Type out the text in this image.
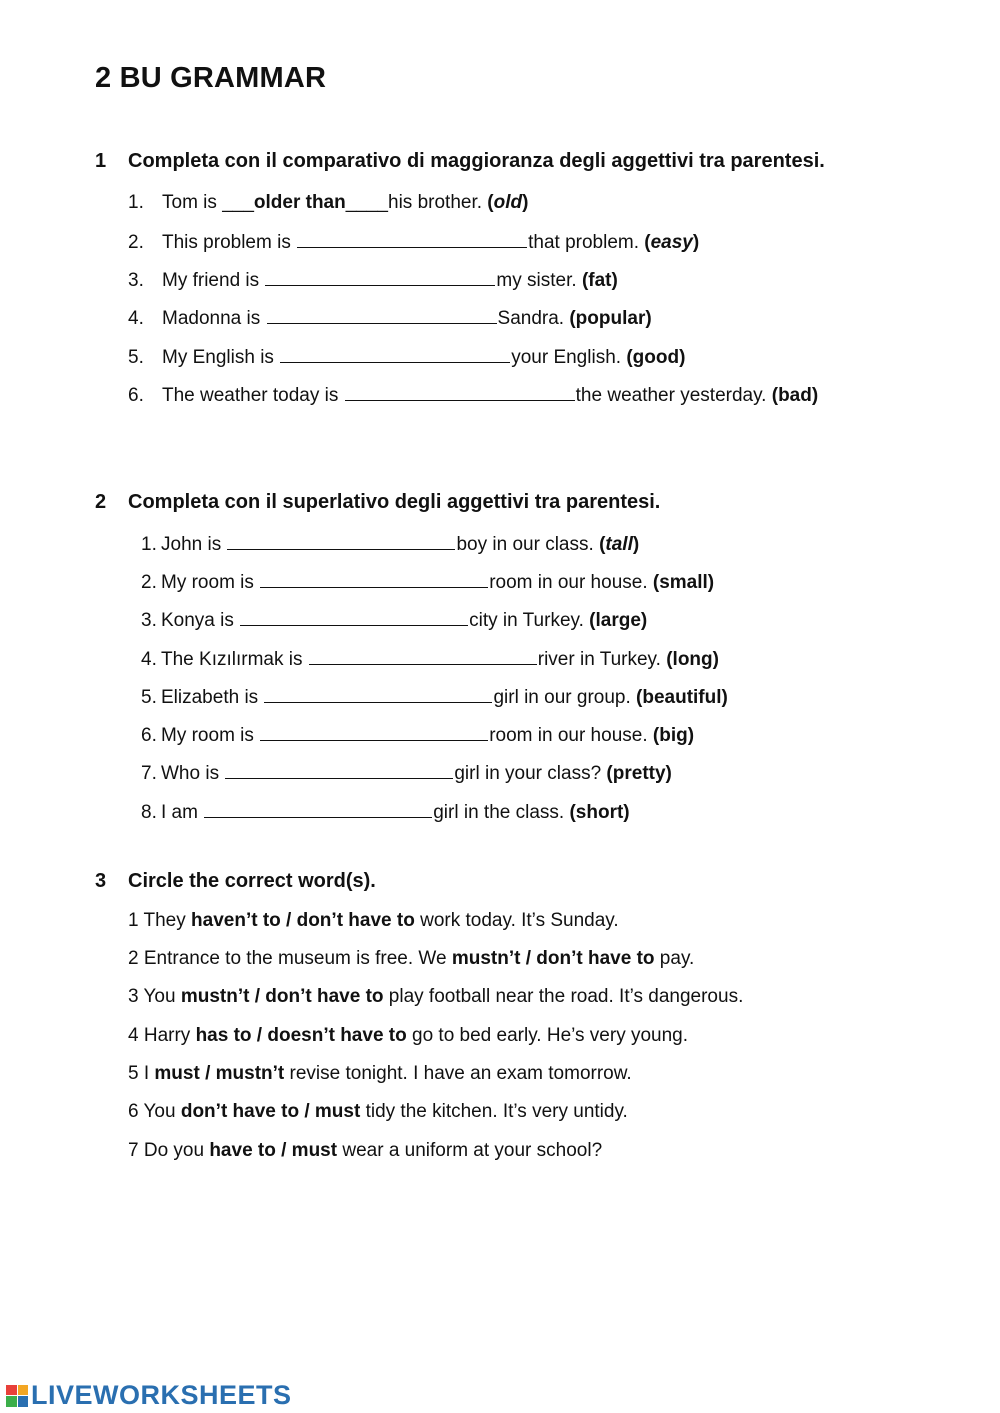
2 BU GRAMMAR
1 Completa con il comparativo di maggioranza degli aggettivi tra parentesi.
1. Tom is ___older than____his brother. (old)
2. This problem is	that problem. (easy)
3. My friend is	my sister. (fat)
4. Madonna is	Sandra. (popular)
5. My English is	your English. (good)
6. The weather today is	the weather yesterday. (bad)
2 Completa con il superlativo degli aggettivi tra parentesi.
1. John is	boy in our class. (tall)
2. My room is	room in our house. (small)
3. Konya is	city in Turkey. (large)
4. The Kızılırmak is	river in Turkey. (long)
5. Elizabeth is	girl in our group. (beautiful)
6. My room is	room in our house. (big)
7. Who is	girl in your class? (pretty)
8. I am	girl in the class. (short)
3 Circle the correct word(s).
1 They haven’t to / don’t have to work today. It’s Sunday.
2 Entrance to the museum is free. We mustn’t / don’t have to pay.
3 You mustn’t / don’t have to play football near the road. It’s dangerous.
4 Harry has to / doesn’t have to go to bed early. He’s very young.
5 I must / mustn’t revise tonight. I have an exam tomorrow.
6 You don’t have to / must tidy the kitchen. It’s very untidy.
7 Do you have to / must wear a uniform at your school?
LIVEWORKSHEETS
